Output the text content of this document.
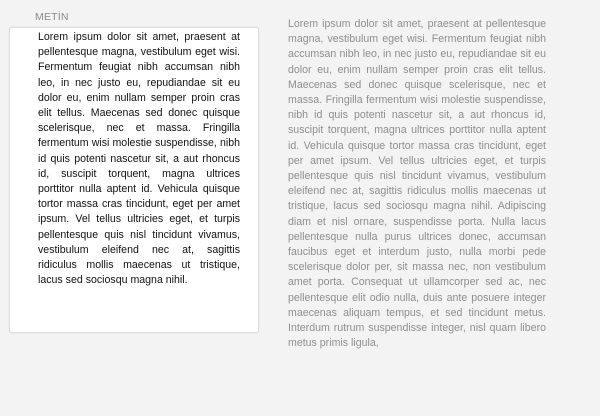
METİN

Lorem ipsum dolor sit amet, praesent at pellentesque magna, vestibulum eget wisi. Fermentum feugiat nibh accumsan nibh leo, in nec justo eu, repudiandae sit eu dolor eu, enim nullam semper proin cras elit tellus. Maecenas sed donec quisque scelerisque, nec et massa. Fringilla fermentum wisi molestie suspendisse, nibh id quis potenti nascetur sit, a aut rhoncus id, suscipit torquent, magna ultrices porttitor nulla aptent id. Vehicula quisque tortor massa cras tincidunt, eget per amet ipsum. Vel tellus ultricies eget, et turpis pellentesque quis nisl tincidunt vivamus, vestibulum eleifend nec at, sagittis ridiculus mollis maecenas ut tristique, lacus sed sociosqu magna nihil.

Lorem ipsum dolor sit amet, praesent at pellentesque magna, vestibulum eget wisi. Fermentum feugiat nibh accumsan nibh leo, in nec justo eu, repudiandae sit eu dolor eu, enim nullam semper proin cras elit tellus. Maecenas sed donec quisque scelerisque, nec et massa. Fringilla fermentum wisi molestie suspendisse, nibh id quis potenti nascetur sit, a aut rhoncus id, suscipit torquent, magna ultrices porttitor nulla aptent id. Vehicula quisque tortor massa cras tincidunt, eget per amet ipsum. Vel tellus ultricies eget, et turpis pellentesque quis nisl tincidunt vivamus, vestibulum eleifend nec at, sagittis ridiculus mollis maecenas ut tristique, lacus sed sociosqu magna nihil. Adipiscing diam et nisl ornare, suspendisse porta. Nulla lacus pellentesque nulla purus ultrices donec, accumsan faucibus eget et interdum justo, nulla morbi pede scelerisque dolor per, sit massa nec, non vestibulum amet porta. Consequat ut ullamcorper sed ac, nec pellentesque elit odio nulla, duis ante posuere integer maecenas aliquam tempus, et sed tincidunt metus. Interdum rutrum suspendisse integer, nisl quam libero metus primis ligula,
